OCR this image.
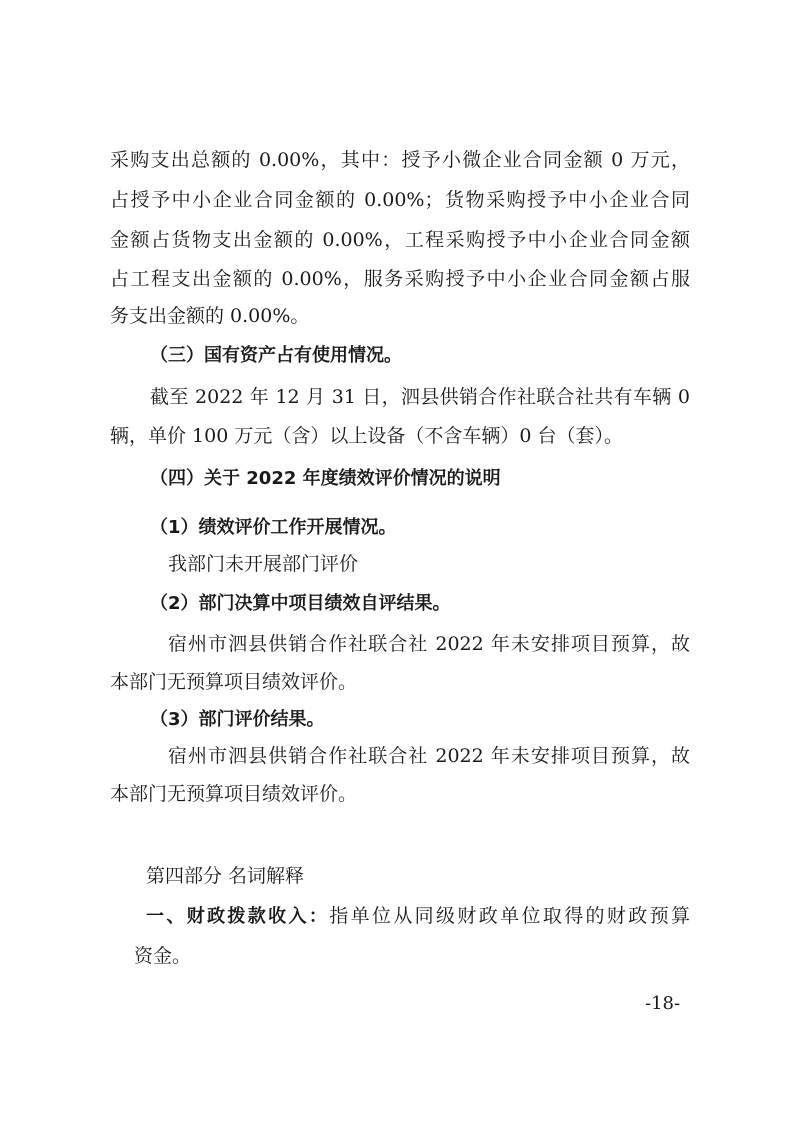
采购支出总额的 0.00%，其中：授予小微企业合同金额 0 万元，

占授予中小企业合同金额的 0.00%；货物采购授予中小企业合同

金额占货物支出金额的 0.00%，工程采购授予中小企业合同金额

占工程支出金额的 0.00%，服务采购授予中小企业合同金额占服

务支出金额的 0.00%。

（三）国有资产占有使用情况。

截至 2022 年 12 月 31 日，泗县供销合作社联合社共有车辆 0

辆，单价 100 万元（含）以上设备（不含车辆）0 台（套）。

（四）关于 2022 年度绩效评价情况的说明

（1）绩效评价工作开展情况。

我部门未开展部门评价

（2）部门决算中项目绩效自评结果。

宿州市泗县供销合作社联合社 2022 年未安排项目预算，故

本部门无预算项目绩效评价。

（3）部门评价结果。

宿州市泗县供销合作社联合社 2022 年未安排项目预算，故

本部门无预算项目绩效评价。

第四部分 名词解释

一、财政拨款收入：指单位从同级财政单位取得的财政预算

资金。

-18-
